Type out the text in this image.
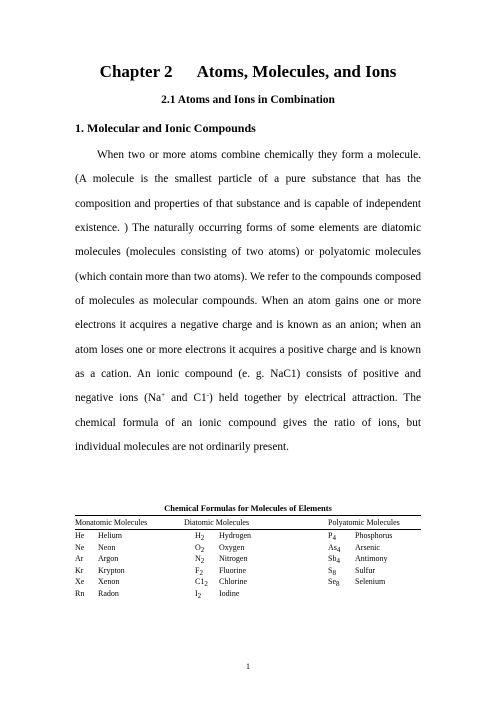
Chapter 2 Atoms, Molecules, and Ions
2.1 Atoms and Ions in Combination
1. Molecular and Ionic Compounds

When two or more atoms combine chemically they form a molecule. (A molecule is the smallest particle of a pure substance that has the composition and properties of that substance and is capable of independent existence. ) The naturally occurring forms of some elements are diatomic molecules (molecules consisting of two atoms) or polyatomic molecules (which contain more than two atoms). We refer to the compounds composed of molecules as molecular compounds. When an atom gains one or more electrons it acquires a negative charge and is known as an anion; when an atom loses one or more electrons it acquires a positive charge and is known as a cation. An ionic compound (e. g. NaC1) consists of positive and negative ions (Na+ and C1-) held together by electrical attraction. The chemical formula of an ionic compound gives the ratio of ions, but individual molecules are not ordinarily present.

Chemical Formulas for Molecules of Elements
Monatomic Molecules	Diatomic Molecules	Polyatomic Molecules
He Helium	$H_2$ Hydrogen	$P_4$ Phosphorus
Ne Neon	$O_2$ Oxygen	$As_4$ Arsenic
Ar Argon	$N_2$ Nitrogen	$Sb_4$ Antimony
Kr Krypton	$F_2$ Fluorine	$S_8$ Sulfur
Xe Xenon	$C1_2$ Chlorine	$Se_8$ Selenium
Rn Radon	$I_2$ Iodine
1
